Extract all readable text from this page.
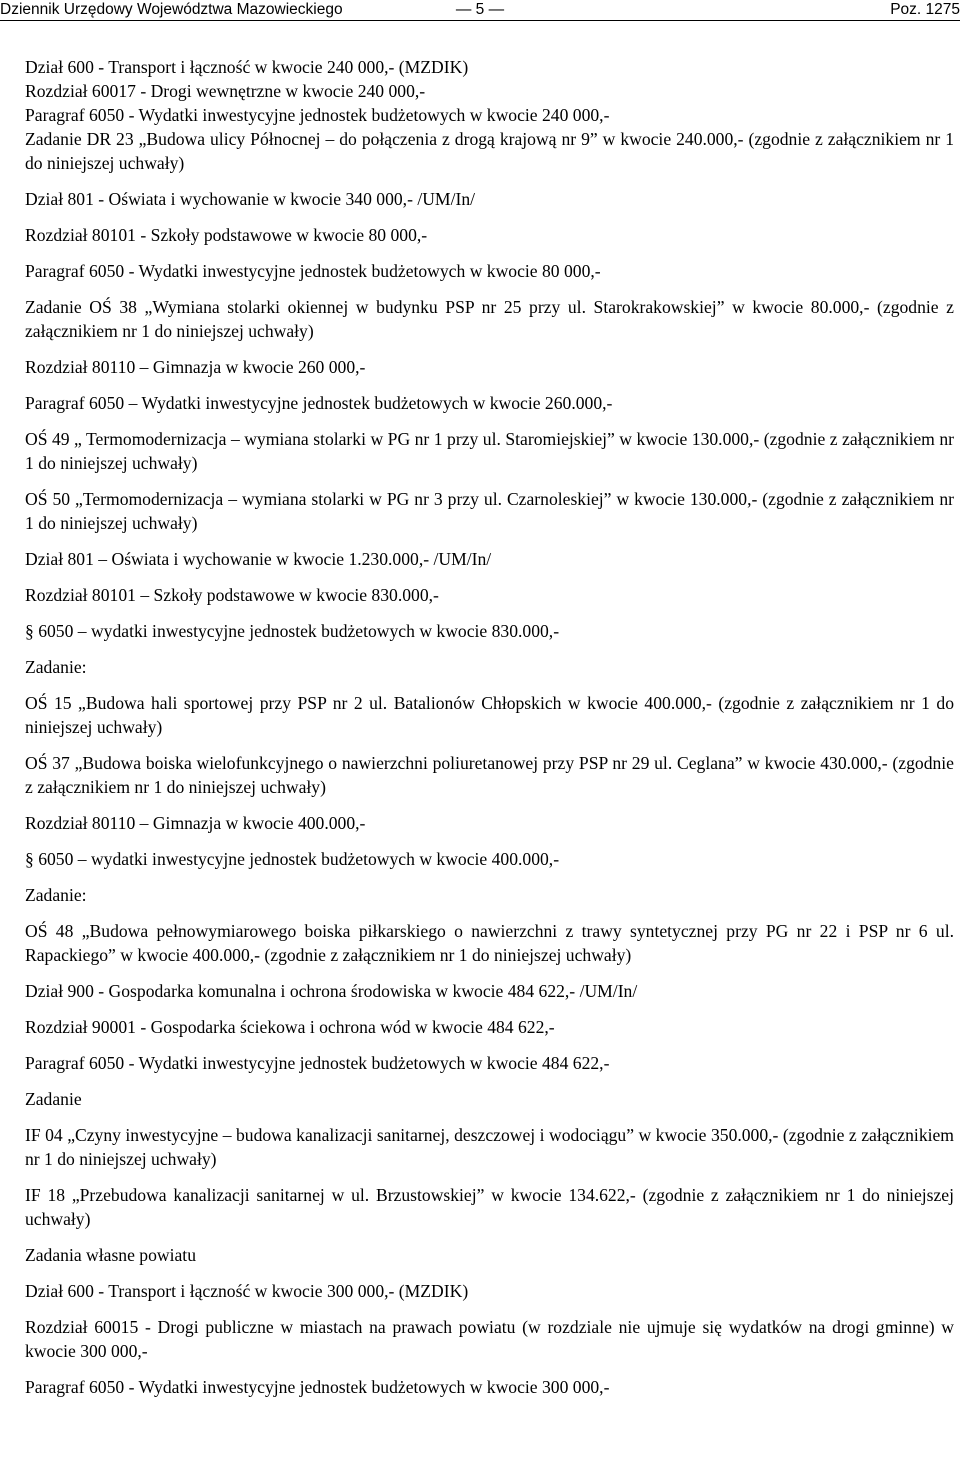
Dziennik Urzędowy Województwa Mazowieckiego	— 5 —	Poz. 1275

Dział 600 - Transport i łączność w kwocie 240 000,- (MZDIK)

Rozdział 60017 - Drogi wewnętrzne w kwocie 240 000,-

Paragraf 6050 - Wydatki inwestycyjne jednostek budżetowych w kwocie 240 000,-

Zadanie DR 23 „Budowa ulicy Północnej – do połączenia z drogą krajową nr 9” w kwocie 240.000,- (zgodnie z załącznikiem nr 1 do niniejszej uchwały)

Dział 801 - Oświata i wychowanie w kwocie 340 000,- /UM/In/

Rozdział 80101 - Szkoły podstawowe w kwocie 80 000,-

Paragraf 6050 - Wydatki inwestycyjne jednostek budżetowych w kwocie 80 000,-

Zadanie OŚ 38 „Wymiana stolarki okiennej w budynku PSP nr 25 przy ul. Starokrakowskiej” w kwocie 80.000,- (zgodnie z załącznikiem nr 1 do niniejszej uchwały)

Rozdział 80110 – Gimnazja w kwocie 260 000,-

Paragraf 6050 – Wydatki inwestycyjne jednostek budżetowych w kwocie 260.000,-

OŚ 49 „ Termomodernizacja – wymiana stolarki w PG nr 1 przy ul. Staromiejskiej” w kwocie 130.000,- (zgodnie z załącznikiem nr 1 do niniejszej uchwały)

OŚ 50 „Termomodernizacja – wymiana stolarki w PG nr 3 przy ul. Czarnoleskiej” w kwocie 130.000,- (zgodnie z załącznikiem nr 1 do niniejszej uchwały)

Dział 801 – Oświata i wychowanie w kwocie 1.230.000,- /UM/In/

Rozdział 80101 – Szkoły podstawowe w kwocie 830.000,-

§ 6050 – wydatki inwestycyjne jednostek budżetowych w kwocie 830.000,-

Zadanie:

OŚ 15 „Budowa hali sportowej przy PSP nr 2 ul. Batalionów Chłopskich w kwocie 400.000,- (zgodnie z załącznikiem nr 1 do niniejszej uchwały)

OŚ 37 „Budowa boiska wielofunkcyjnego o nawierzchni poliuretanowej przy PSP nr 29 ul. Ceglana” w kwocie 430.000,- (zgodnie z załącznikiem nr 1 do niniejszej uchwały)

Rozdział 80110 – Gimnazja w kwocie 400.000,-

§ 6050 – wydatki inwestycyjne jednostek budżetowych w kwocie 400.000,-

Zadanie:

OŚ 48 „Budowa pełnowymiarowego boiska piłkarskiego o nawierzchni z trawy syntetycznej przy PG nr 22 i PSP nr 6 ul. Rapackiego” w kwocie 400.000,- (zgodnie z załącznikiem nr 1 do niniejszej uchwały)

Dział 900 - Gospodarka komunalna i ochrona środowiska w kwocie 484 622,- /UM/In/

Rozdział 90001 - Gospodarka ściekowa i ochrona wód w kwocie 484 622,-

Paragraf 6050 - Wydatki inwestycyjne jednostek budżetowych w kwocie 484 622,-

Zadanie

IF 04 „Czyny inwestycyjne – budowa kanalizacji sanitarnej, deszczowej i wodociągu” w kwocie 350.000,- (zgodnie z załącznikiem nr 1 do niniejszej uchwały)

IF 18 „Przebudowa kanalizacji sanitarnej w ul. Brzustowskiej” w kwocie 134.622,- (zgodnie z załącznikiem nr 1 do niniejszej uchwały)

Zadania własne powiatu

Dział 600 - Transport i łączność w kwocie 300 000,- (MZDIK)

Rozdział 60015 - Drogi publiczne w miastach na prawach powiatu (w rozdziale nie ujmuje się wydatków na drogi gminne) w kwocie 300 000,-

Paragraf 6050 - Wydatki inwestycyjne jednostek budżetowych w kwocie 300 000,-
